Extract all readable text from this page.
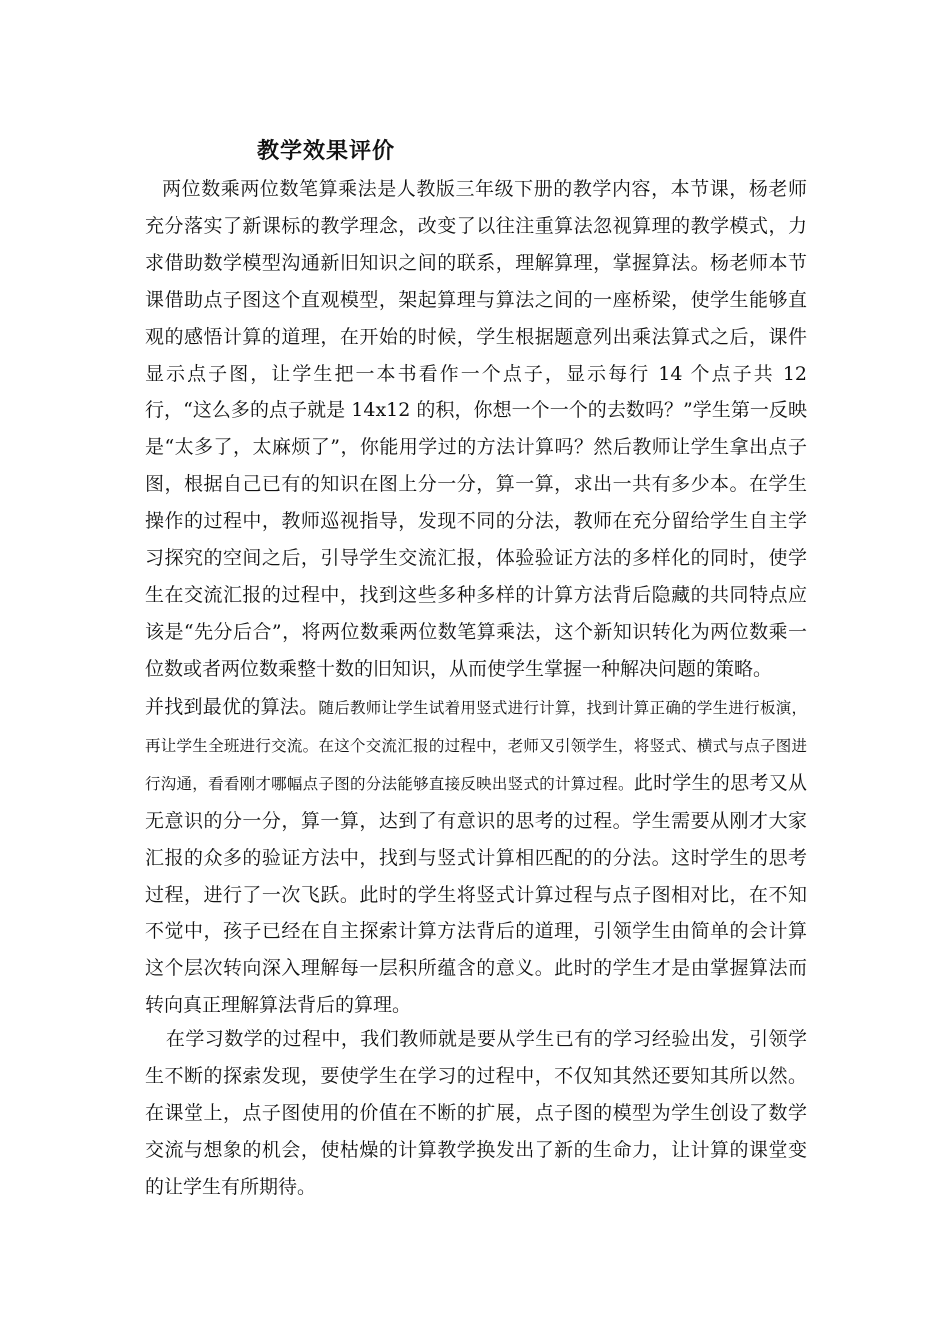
教学效果评价

两位数乘两位数笔算乘法是人教版三年级下册的教学内容，本节课，杨老师充分落实了新课标的教学理念，改变了以往注重算法忽视算理的教学模式，力求借助数学模型沟通新旧知识之间的联系，理解算理，掌握算法。杨老师本节课借助点子图这个直观模型，架起算理与算法之间的一座桥梁，使学生能够直观的感悟计算的道理，在开始的时候，学生根据题意列出乘法算式之后，课件显示点子图，让学生把一本书看作一个点子，显示每行 14 个点子共 12 行，“这么多的点子就是 14x12 的积，你想一个一个的去数吗？”学生第一反映是“太多了，太麻烦了”，你能用学过的方法计算吗？然后教师让学生拿出点子图，根据自己已有的知识在图上分一分，算一算，求出一共有多少本。在学生操作的过程中，教师巡视指导，发现不同的分法，教师在充分留给学生自主学习探究的空间之后，引导学生交流汇报，体验验证方法的多样化的同时，使学生在交流汇报的过程中，找到这些多种多样的计算方法背后隐藏的共同特点应该是“先分后合”，将两位数乘两位数笔算乘法，这个新知识转化为两位数乘一位数或者两位数乘整十数的旧知识，从而使学生掌握一种解决问题的策略。

并找到最优的算法。随后教师让学生试着用竖式进行计算，找到计算正确的学生进行板演，再让学生全班进行交流。在这个交流汇报的过程中，老师又引领学生，将竖式、横式与点子图进行沟通，看看刚才哪幅点子图的分法能够直接反映出竖式的计算过程。此时学生的思考又从无意识的分一分，算一算，达到了有意识的思考的过程。学生需要从刚才大家汇报的众多的验证方法中，找到与竖式计算相匹配的的分法。这时学生的思考过程，进行了一次飞跃。此时的学生将竖式计算过程与点子图相对比，在不知不觉中，孩子已经在自主探索计算方法背后的道理，引领学生由简单的会计算这个层次转向深入理解每一层积所蕴含的意义。此时的学生才是由掌握算法而转向真正理解算法背后的算理。

在学习数学的过程中，我们教师就是要从学生已有的学习经验出发，引领学生不断的探索发现，要使学生在学习的过程中，不仅知其然还要知其所以然。在课堂上，点子图使用的价值在不断的扩展，点子图的模型为学生创设了数学交流与想象的机会，使枯燥的计算教学换发出了新的生命力，让计算的课堂变的让学生有所期待。
